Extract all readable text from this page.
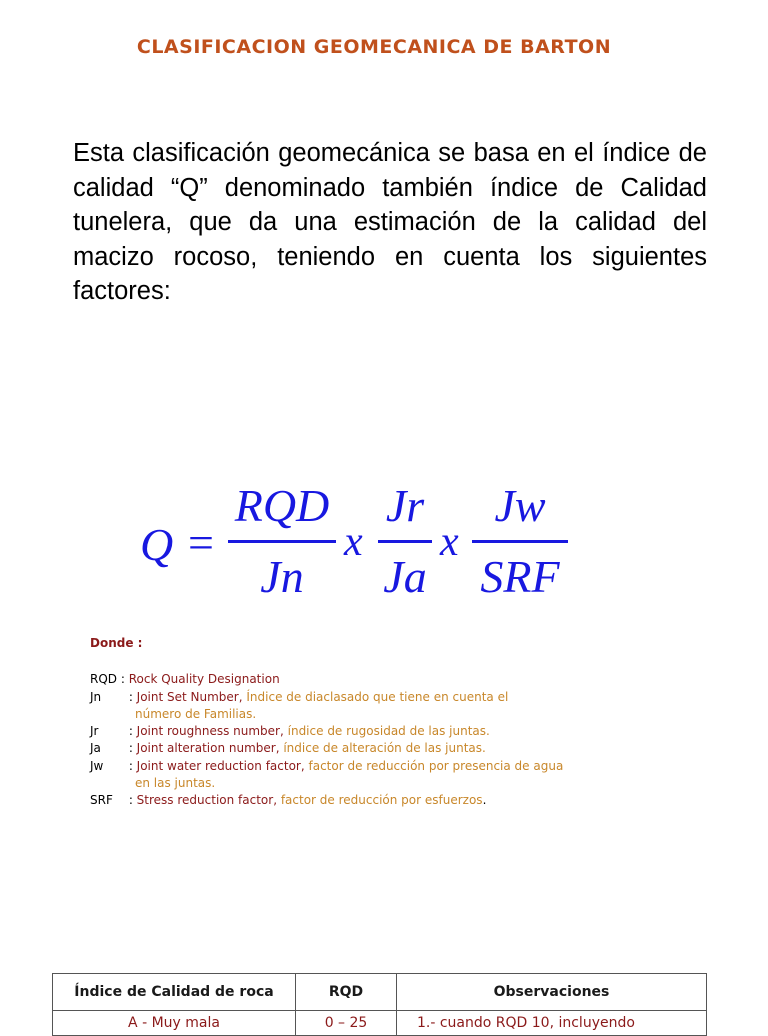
CLASIFICACION GEOMECANICA DE BARTON
Esta clasificación geomecánica se basa en el índice de calidad “Q” denominado también índice de Calidad tunelera, que da una estimación de la calidad del macizo rocoso, teniendo en cuenta los siguientes factores:
Q =
RQD
Jn
x
Jr
Ja
x
Jw
SRF
Donde :
RQD : Rock Quality Designation
Jn : Joint Set Number, Índice de diaclasado que tiene en cuenta el
número de Familias.
Jr : Joint roughness number, índice de rugosidad de las juntas.
Ja : Joint alteration number, índice de alteración de las juntas.
Jw : Joint water reduction factor, factor de reducción por presencia de agua
en las juntas.
SRF : Stress reduction factor, factor de reducción por esfuerzos.
Índice de Calidad de roca	RQD	Observaciones
A - Muy mala	0 – 25	1.- cuando RQD 10, incluyendo
